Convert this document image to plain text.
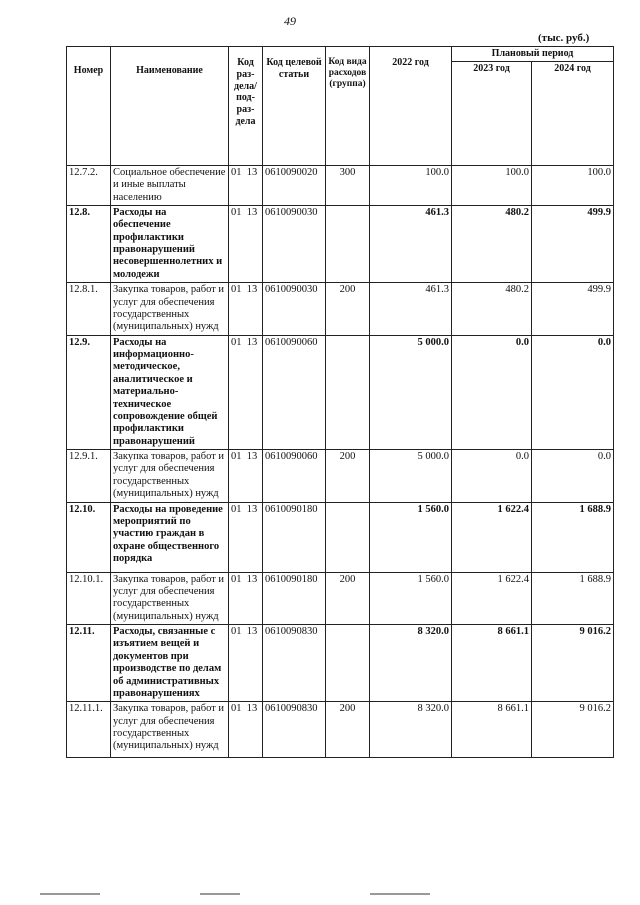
49
(тыс. руб.)
Номер	Наименование	Код раз-дела/ под-раз-дела	Код целевой статьи	Код вида расходов (группа)	2022 год	Плановый период	
						2023 год	2024 год
12.7.2.	Социальное обеспечение и иные выплаты населению	01  13	0610090020	300	100.0	100.0	100.0
12.8.	Расходы на обеспечение профилактики правонарушений несовершеннолетних и молодежи	01  13	0610090030		461.3	480.2	499.9
12.8.1.	Закупка товаров, работ и услуг для обеспечения государственных (муниципальных) нужд	01  13	0610090030	200	461.3	480.2	499.9
12.9.	Расходы на информационно-методическое, аналитическое и материально-техническое сопровождение общей профилактики правонарушений	01  13	0610090060		5 000.0	0.0	0.0
12.9.1.	Закупка товаров, работ и услуг для обеспечения государственных (муниципальных) нужд	01  13	0610090060	200	5 000.0	0.0	0.0
12.10.	Расходы на проведение мероприятий по участию граждан в охране общественного порядка	01  13	0610090180		1 560.0	1 622.4	1 688.9
12.10.1.	Закупка товаров, работ и услуг для обеспечения государственных (муниципальных) нужд	01  13	0610090180	200	1 560.0	1 622.4	1 688.9
12.11.	Расходы, связанные с изъятием вещей и документов при производстве по делам об административных правонарушениях	01  13	0610090830		8 320.0	8 661.1	9 016.2
12.11.1.	Закупка товаров, работ и услуг для обеспечения государственных (муниципальных) нужд	01  13	0610090830	200	8 320.0	8 661.1	9 016.2
